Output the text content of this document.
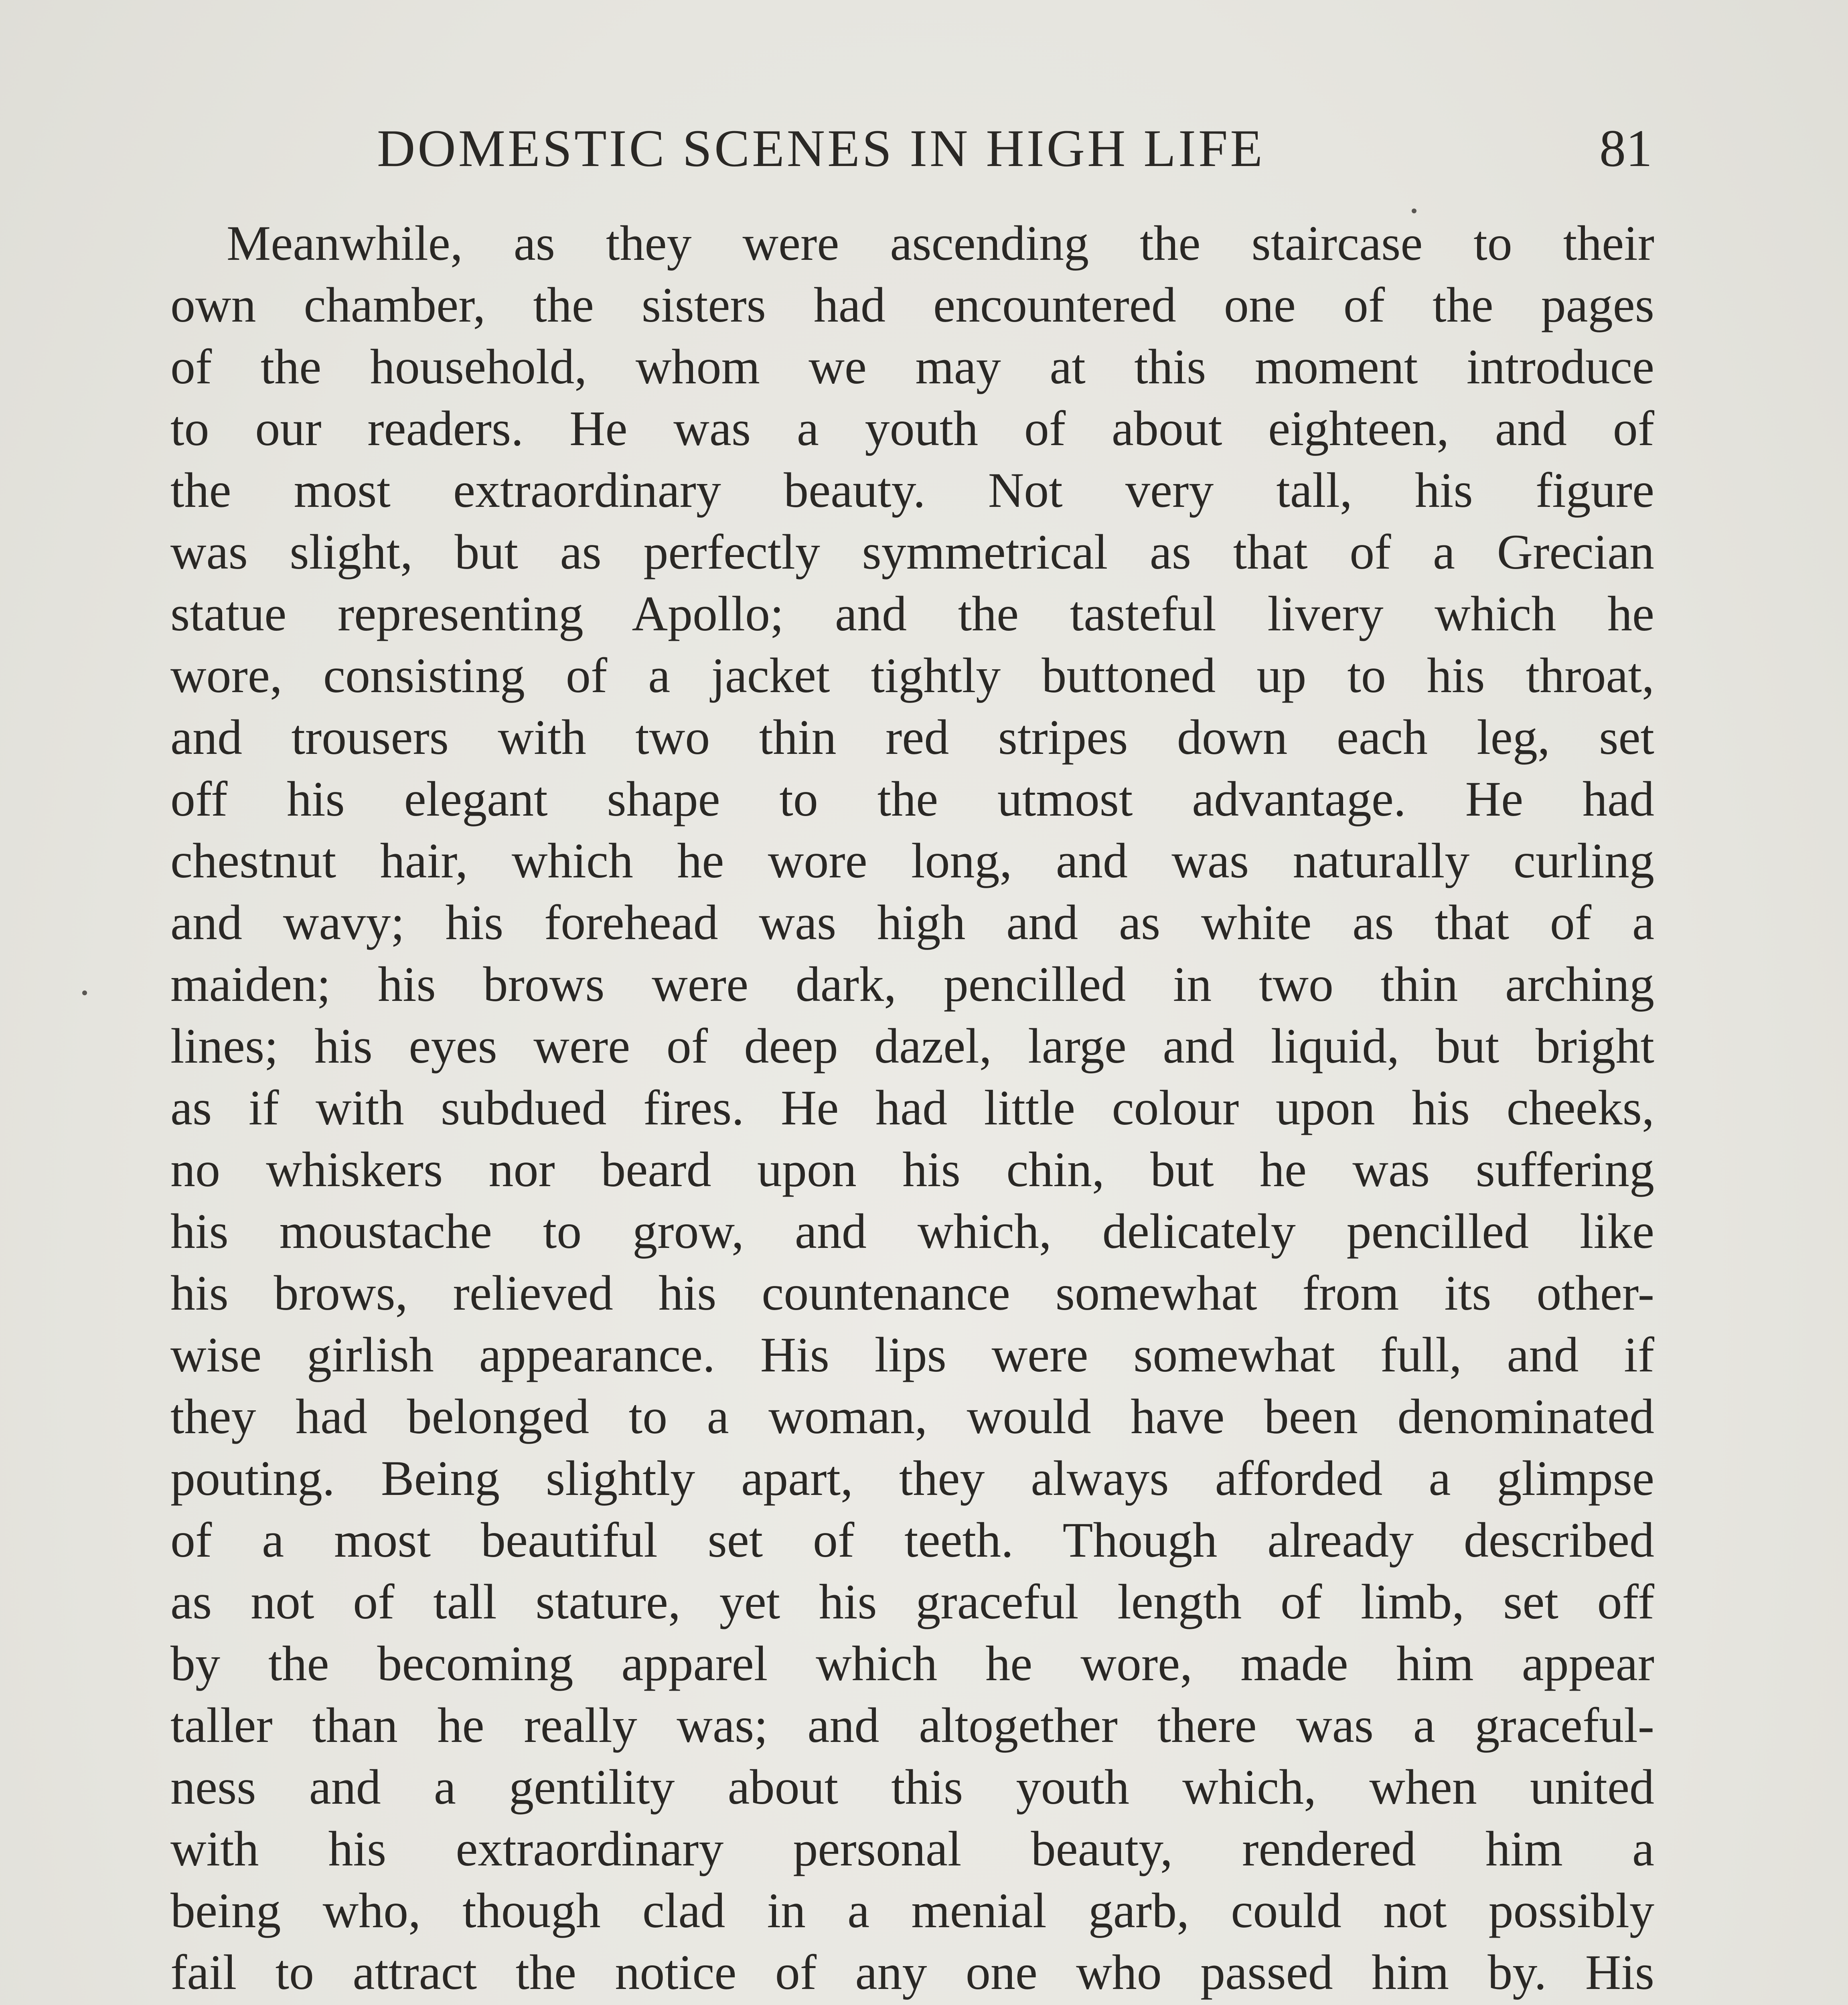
DOMESTIC SCENES IN HIGH LIFE	81
Meanwhile, as they were ascending the staircase to their
own chamber, the sisters had encountered one of the pages
of the household, whom we may at this moment introduce
to our readers. He was a youth of about eighteen, and of
the most extraordinary beauty. Not very tall, his figure
was slight, but as perfectly symmetrical as that of a Grecian
statue representing Apollo; and the tasteful livery which he
wore, consisting of a jacket tightly buttoned up to his throat,
and trousers with two thin red stripes down each leg, set
off his elegant shape to the utmost advantage. He had
chestnut hair, which he wore long, and was naturally curling
and wavy; his forehead was high and as white as that of a
maiden; his brows were dark, pencilled in two thin arching
lines; his eyes were of deep dazel, large and liquid, but bright
as if with subdued fires. He had little colour upon his cheeks,
no whiskers nor beard upon his chin, but he was suffering
his moustache to grow, and which, delicately pencilled like
his brows, relieved his countenance somewhat from its other-
wise girlish appearance. His lips were somewhat full, and if
they had belonged to a woman, would have been denominated
pouting. Being slightly apart, they always afforded a glimpse
of a most beautiful set of teeth. Though already described
as not of tall stature, yet his graceful length of limb, set off
by the becoming apparel which he wore, made him appear
taller than he really was; and altogether there was a graceful-
ness and a gentility about this youth which, when united
with his extraordinary personal beauty, rendered him a
being who, though clad in a menial garb, could not possibly
fail to attract the notice of any one who passed him by. His
